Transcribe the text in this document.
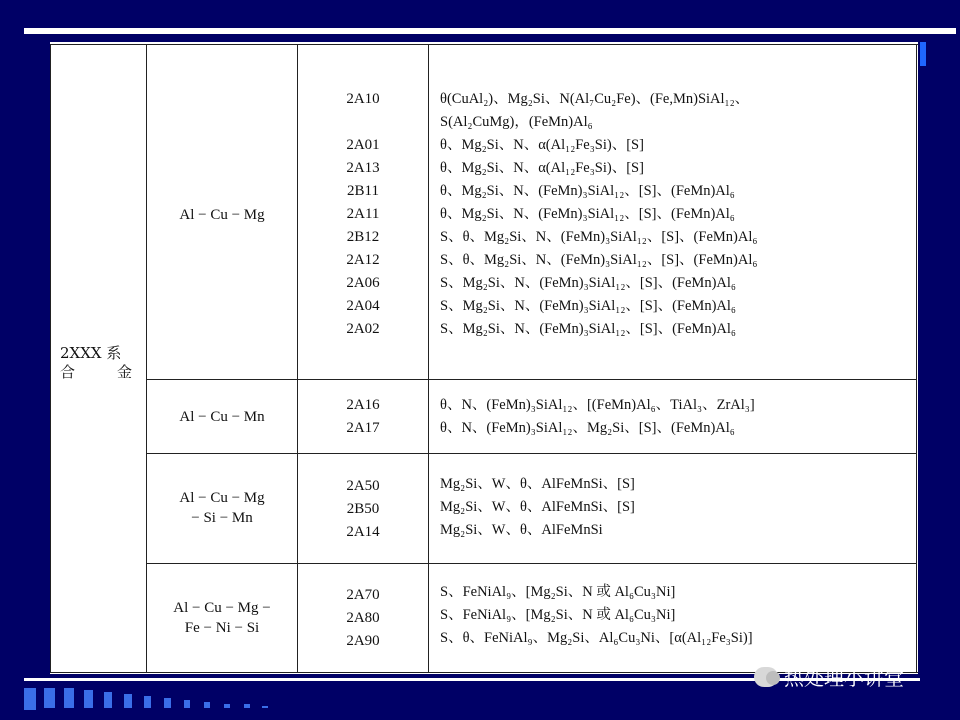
2XXX 系
合	金
Al − Cu − Mg
2A10
2A01
2A13
2B11
2A11
2B12
2A12
2A06
2A04
2A02
θ(CuAl₂)、Mg₂Si、N(Al₇Cu₂Fe)、(Fe,Mn)SiAl₁₂、
S(Al₂CuMg)，(FeMn)Al₆
θ、Mg₂Si、N、α(Al₁₂Fe₃Si)、[S]
θ、Mg₂Si、N、α(Al₁₂Fe₃Si)、[S]
θ、Mg₂Si、N、(FeMn)₃SiAl₁₂、[S]、(FeMn)Al₆
θ、Mg₂Si、N、(FeMn)₃SiAl₁₂、[S]、(FeMn)Al₆
S、θ、Mg₂Si、N、(FeMn)₃SiAl₁₂、[S]、(FeMn)Al₆
S、θ、Mg₂Si、N、(FeMn)₃SiAl₁₂、[S]、(FeMn)Al₆
S、Mg₂Si、N、(FeMn)₃SiAl₁₂、[S]、(FeMn)Al₆
S、Mg₂Si、N、(FeMn)₃SiAl₁₂、[S]、(FeMn)Al₆
S、Mg₂Si、N、(FeMn)₃SiAl₁₂、[S]、(FeMn)Al₆
Al − Cu − Mn
2A16
2A17
θ、N、(FeMn)₃SiAl₁₂、[(FeMn)Al₆、TiAl₃、ZrAl₃]
θ、N、(FeMn)₃SiAl₁₂、Mg₂Si、[S]、(FeMn)Al₆
Al − Cu − Mg
− Si − Mn
2A50
2B50
2A14
Mg₂Si、W、θ、AlFeMnSi、[S]
Mg₂Si、W、θ、AlFeMnSi、[S]
Mg₂Si、W、θ、AlFeMnSi
Al − Cu − Mg −
Fe − Ni − Si
2A70
2A80
2A90
S、FeNiAl₉、[Mg₂Si、N 或 Al₆Cu₃Ni]
S、FeNiAl₉、[Mg₂Si、N 或 Al₆Cu₃Ni]
S、θ、FeNiAl₉、Mg₂Si、Al₆Cu₃Ni、[α(Al₁₂Fe₃Si)]
热处理小讲堂
